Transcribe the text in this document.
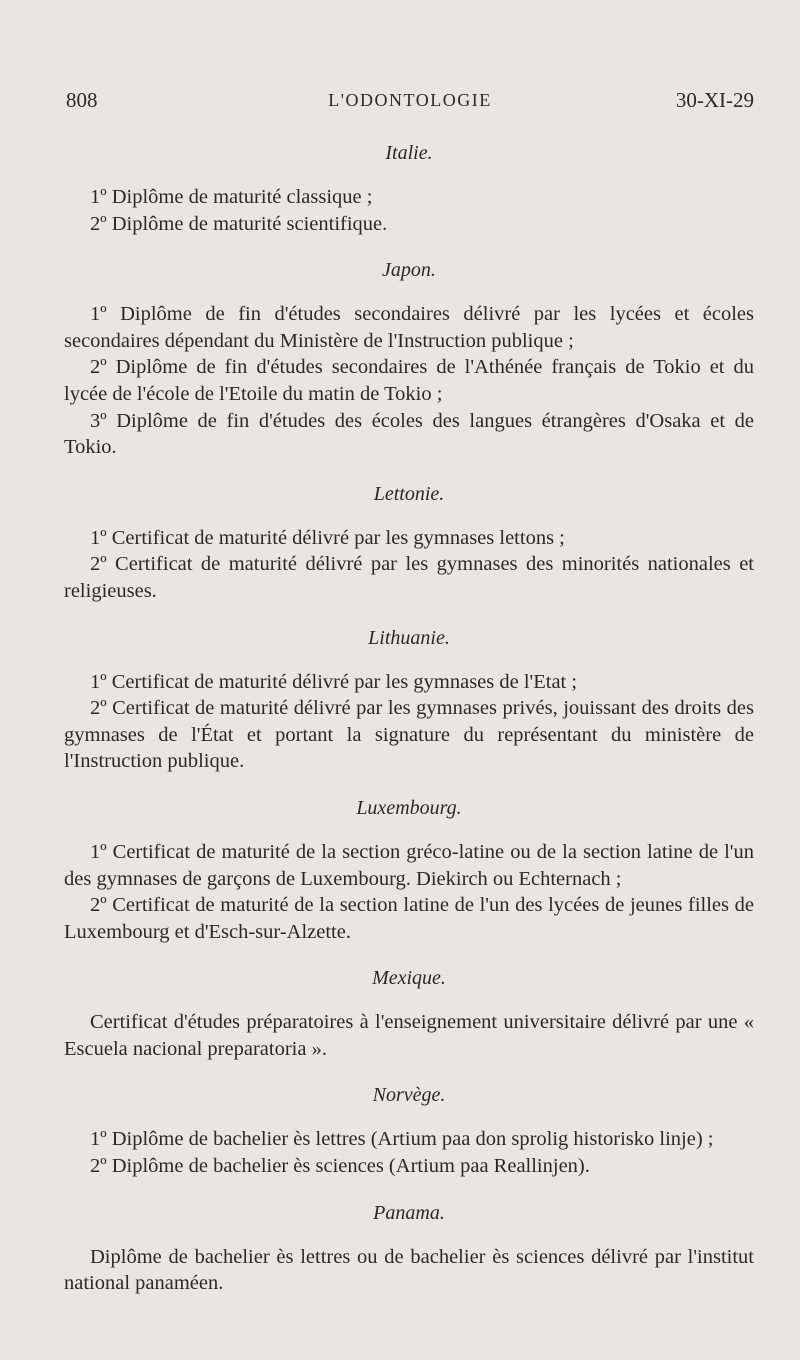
808	L'ODONTOLOGIE	30-XI-29

Italie.

1º Diplôme de maturité classique ;

2º Diplôme de maturité scientifique.

Japon.

1º Diplôme de fin d'études secondaires délivré par les lycées et écoles secondaires dépendant du Ministère de l'Instruction publique ;

2º Diplôme de fin d'études secondaires de l'Athénée français de Tokio et du lycée de l'école de l'Etoile du matin de Tokio ;

3º Diplôme de fin d'études des écoles des langues étrangères d'Osaka et de Tokio.

Lettonie.

1º Certificat de maturité délivré par les gymnases lettons ;

2º Certificat de maturité délivré par les gymnases des minorités nationales et religieuses.

Lithuanie.

1º Certificat de maturité délivré par les gymnases de l'Etat ;

2º Certificat de maturité délivré par les gymnases privés, jouissant des droits des gymnases de l'État et portant la signature du représentant du ministère de l'Instruction publique.

Luxembourg.

1º Certificat de maturité de la section gréco-latine ou de la section latine de l'un des gymnases de garçons de Luxembourg. Diekirch ou Echternach ;

2º Certificat de maturité de la section latine de l'un des lycées de jeunes filles de Luxembourg et d'Esch-sur-Alzette.

Mexique.

Certificat d'études préparatoires à l'enseignement universitaire délivré par une « Escuela nacional preparatoria ».

Norvège.

1º Diplôme de bachelier ès lettres (Artium paa don sprolig historisko linje) ;

2º Diplôme de bachelier ès sciences (Artium paa Reallinjen).

Panama.

Diplôme de bachelier ès lettres ou de bachelier ès sciences délivré par l'institut national panaméen.
